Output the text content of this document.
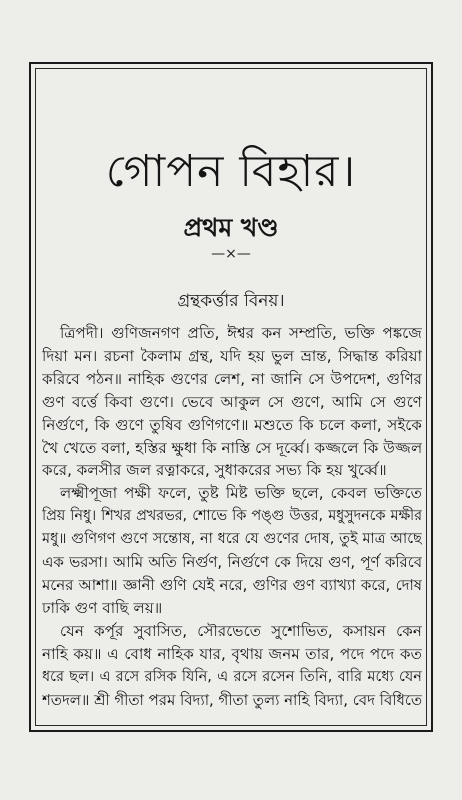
গোপন বিহার।
প্রথম খণ্ড
—×—
গ্রন্থকর্ত্তার বিনয়।
ত্রিপদী। গুণিজনগণ প্রতি, ঈশ্বর কন সম্প্রতি, ভক্তি পঙ্কজে
দিয়া মন। রচনা কৈলাম গ্রন্থ, যদি হয় ভুল ভ্রান্ত, সিদ্ধান্ত করিয়া
করিবে পঠন॥ নাহিক গুণের লেশ, না জানি সে উপদেশ, গুণির
গুণ বর্ত্তে কিবা গুণে। ভেবে আকুল সে গুণে, আমি সে গুণে
নির্গুণে, কি গুণে তুষিব গুণিগণে॥ মশুতে কি চলে কলা, সইকে
খৈ খেতে বলা, হস্তির ক্ষুধা কি নাস্তি সে দূর্ব্বে। কজ্জলে কি উজ্জল
করে, কলসীর জল রত্নাকরে, সুধাকরের সভ্য কি হয় খুর্ব্বে॥
লক্ষ্মীপূজা পক্ষী ফলে, তুষ্ট মিষ্ট ভক্তি ছলে, কেবল ভক্তিতে
প্রিয় নিধু। শিখর প্রখরভর, শোভে কি পঙ্গু উত্তর, মধুসুদনকে মক্ষীর
মধু॥ গুণিগণ গুণে সন্তোষ, না ধরে যে গুণের দোষ, তুই মাত্র আছে
এক ভরসা। আমি অতি নির্গুণ, নির্গুণে কে দিয়ে গুণ, পূর্ণ করিবে
মনের আশা॥ জ্ঞানী গুণি যেই নরে, গুণির গুণ ব্যাখ্যা করে, দোষ
ঢাকি গুণ বাছি লয়॥
যেন কর্পূর সুবাসিত, সৌরভেতে সুশোভিত, কসায়ন কেন
নাহি কয়॥ এ বোধ নাহিক যার, বৃথায় জনম তার, পদে পদে কত
ধরে ছল। এ রসে রসিক যিনি, এ রসে রসেন তিনি, বারি মধ্যে যেন
শতদল॥ শ্রী গীতা পরম বিদ্যা, গীতা তুল্য নাহি বিদ্যা, বেদ বিধিতে
